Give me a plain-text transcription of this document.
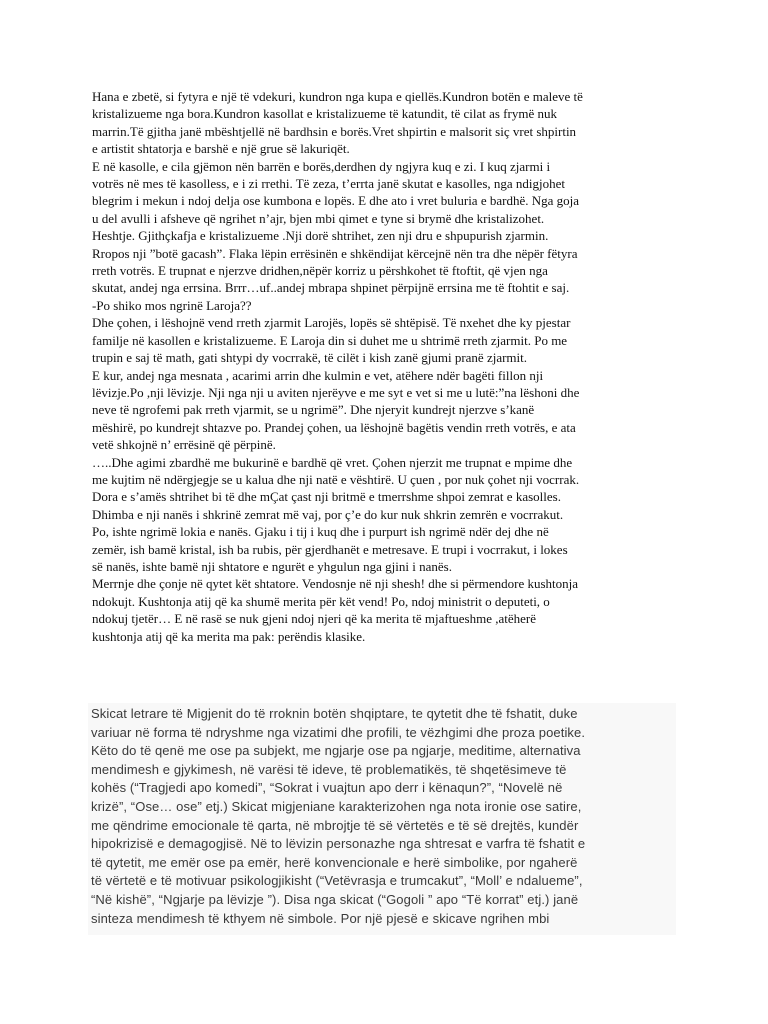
Hana e zbetë, si fytyra e një të vdekuri, kundron nga kupa e qiellës.Kundron botën e maleve të

kristalizueme nga bora.Kundron kasollat e kristalizueme të katundit, të cilat as frymë nuk

marrin.Të gjitha janë mbështjellë në bardhsin e borës.Vret shpirtin e malsorit siç vret shpirtin

e artistit shtatorja e barshë e një grue së lakuriqët.

E në kasolle, e cila gjëmon nën barrën e borës,derdhen dy ngjyra kuq e zi. I kuq zjarmi i

votrës në mes të kasolless, e i zi rrethi. Të zeza, t’errta janë skutat e kasolles, nga ndigjohet

blegrim i mekun i ndoj delja ose kumbona e lopës. E dhe ato i vret buluria e bardhë. Nga goja

u del avulli i afsheve që ngrihet n’ajr, bjen mbi qimet e tyne si brymë dhe kristalizohet.

Heshtje. Gjithçkafja e kristalizueme .Nji dorë shtrihet, zen nji dru e shpupurish zjarmin.

Rropos nji ”botë gacash”. Flaka lëpin errësinën e shkëndijat kërcejnë nën tra dhe nëpër fëtyra

rreth votrës. E trupnat e njerzve dridhen,nëpër korriz u përshkohet të ftoftit, që vjen nga

skutat, andej nga errsina. Brrr…uf..andej mbrapa shpinet përpijnë errsina me të ftohtit e saj.

-Po shiko mos ngrinë Laroja??

Dhe çohen, i lëshojnë vend rreth zjarmit Larojës, lopës së shtëpisë. Të nxehet dhe ky pjestar

familje në kasollen e kristalizueme. E Laroja din si duhet me u shtrimë rreth zjarmit. Po me

trupin e saj të math, gati shtypi dy vocrrakë, të cilët i kish zanë gjumi pranë zjarmit.

E kur, andej nga mesnata , acarimi arrin dhe kulmin e vet, atëhere ndër bagëti fillon nji

lëvizje.Po ,nji lëvizje. Nji nga nji u aviten njerëyve e me syt e vet si me u lutë:”na lëshoni dhe

neve të ngrofemi pak rreth vjarmit, se u ngrimë”. Dhe njeryit kundrejt njerzve s’kanë

mëshirë, po kundrejt shtazve po. Prandej çohen, ua lëshojnë bagëtis vendin rreth votrës, e ata

vetë shkojnë n’ errësinë që përpinë.

…..Dhe agimi zbardhë me bukurinë e bardhë që vret. Çohen njerzit me trupnat e mpime dhe

me kujtim në ndërgjegje se u kalua dhe nji natë e vështirë. U çuen , por nuk çohet nji vocrrak.

Dora e s’amës shtrihet bi të dhe mÇat çast nji britmë e tmerrshme shpoi zemrat e kasolles.

Dhimba e nji nanës i shkrinë zemrat më vaj, por ç’e do kur nuk shkrin zemrën e vocrrakut.

Po, ishte ngrimë lokia e nanës. Gjaku i tij i kuq dhe i purpurt ish ngrimë ndër dej dhe në

zemër, ish bamë kristal, ish ba rubis, për gjerdhanët e metresave. E trupi i vocrrakut, i lokes

së nanës, ishte bamë nji shtatore e ngurët e yhgulun nga gjini i nanës.

Merrnje dhe çonje në qytet kët shtatore. Vendosnje në nji shesh! dhe si përmendore kushtonja

ndokujt. Kushtonja atij që ka shumë merita për kët vend! Po, ndoj ministrit o deputeti, o

ndokuj tjetër… E në rasë se nuk gjeni ndoj njeri që ka merita të mjaftueshme ,atëherë

kushtonja atij që ka merita ma pak: perëndis klasike.

Skicat letrare të Migjenit do të rroknin botën shqiptare, te qytetit dhe të fshatit, duke

variuar në forma të ndryshme nga vizatimi dhe profili, te vëzhgimi dhe proza poetike.

Këto do të qenë me ose pa subjekt, me ngjarje ose pa ngjarje, meditime, alternativa

mendimesh e gjykimesh, në varësi të ideve, të problematikës, të shqetësimeve të

kohës (“Tragjedi apo komedi”, “Sokrat i vuajtun apo derr i kënaqun?”, “Novelë në

krizë”, “Ose… ose” etj.) Skicat migjeniane karakterizohen nga nota ironie ose satire,

me qëndrime emocionale të qarta, në mbrojtje të së vërtetës e të së drejtës, kundër

hipokrizisë e demagogjisë. Në to lëvizin personazhe nga shtresat e varfra të fshatit e

të qytetit, me emër ose pa emër, herë konvencionale e herë simbolike, por ngaherë

të vërtetë e të motivuar psikologjikisht (“Vetëvrasja e trumcakut”, “Moll’ e ndalueme”,

“Në kishë”, “Ngjarje pa lëvizje ”). Disa nga skicat (“Gogoli ” apo “Të korrat” etj.) janë

sinteza mendimesh të kthyem në simbole. Por një pjesë e skicave ngrihen mbi
